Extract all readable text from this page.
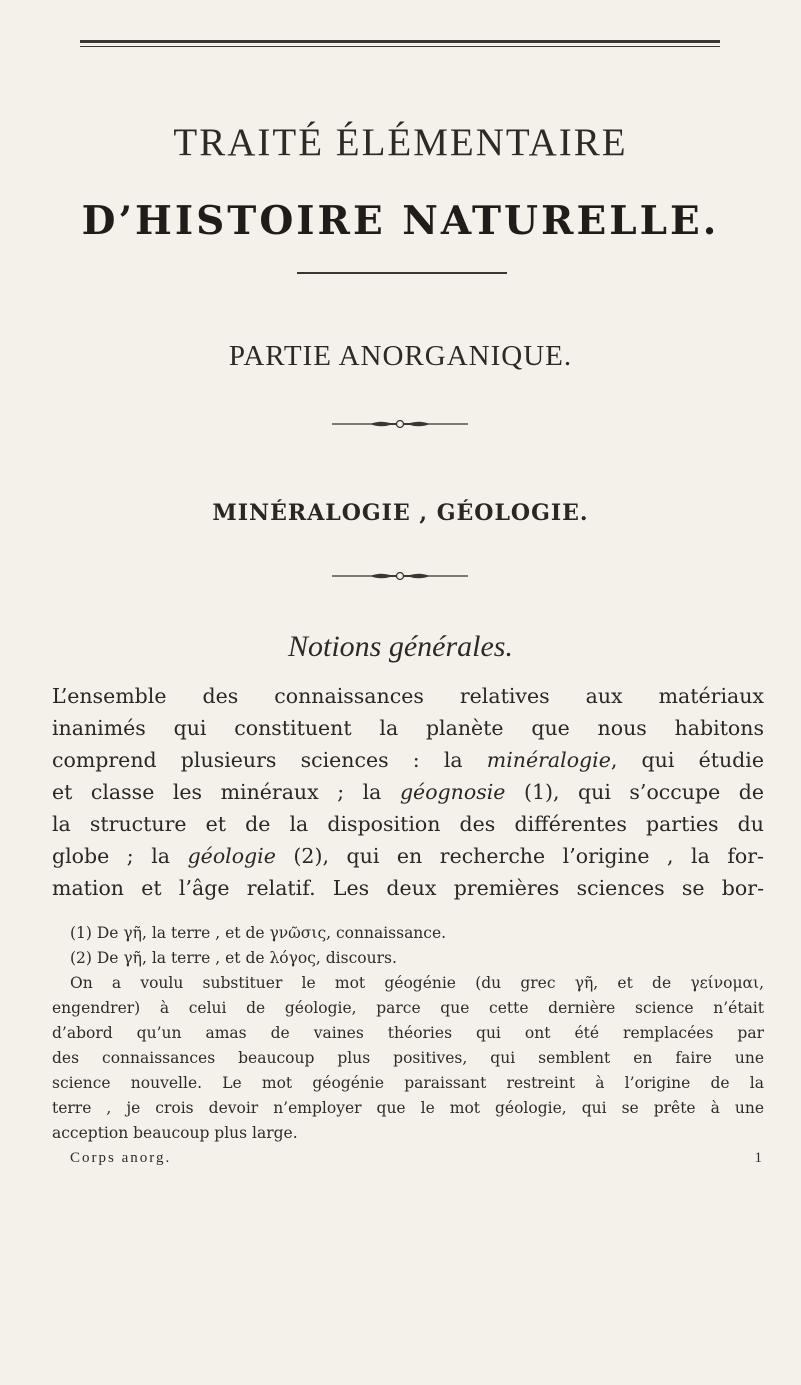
TRAITÉ ÉLÉMENTAIRE
D’HISTOIRE NATURELLE.
PARTIE ANORGANIQUE.
MINÉRALOGIE , GÉOLOGIE.
Notions générales.
L’ensemble des connaissances relatives aux matériaux
inanimés qui constituent la planète que nous habitons
comprend plusieurs sciences : la minéralogie, qui étudie
et classe les minéraux ; la géognosie (1), qui s’occupe de
la structure et de la disposition des différentes parties du
globe ; la géologie (2), qui en recherche l’origine , la for-
mation et l’âge relatif. Les deux premières sciences se bor-
(1) De γῆ, la terre , et de γνῶσις, connaissance.
(2) De γῆ, la terre , et de λόγος, discours.
On a voulu substituer le mot géogénie (du grec γῆ, et de γείνομαι,
engendrer) à celui de géologie, parce que cette dernière science n’était
d’abord qu’un amas de vaines théories qui ont été remplacées par
des connaissances beaucoup plus positives, qui semblent en faire une
science nouvelle. Le mot géogénie paraissant restreint à l’origine de la
terre , je crois devoir n’employer que le mot géologie, qui se prête à une
acception beaucoup plus large.
Corps anorg.	1
